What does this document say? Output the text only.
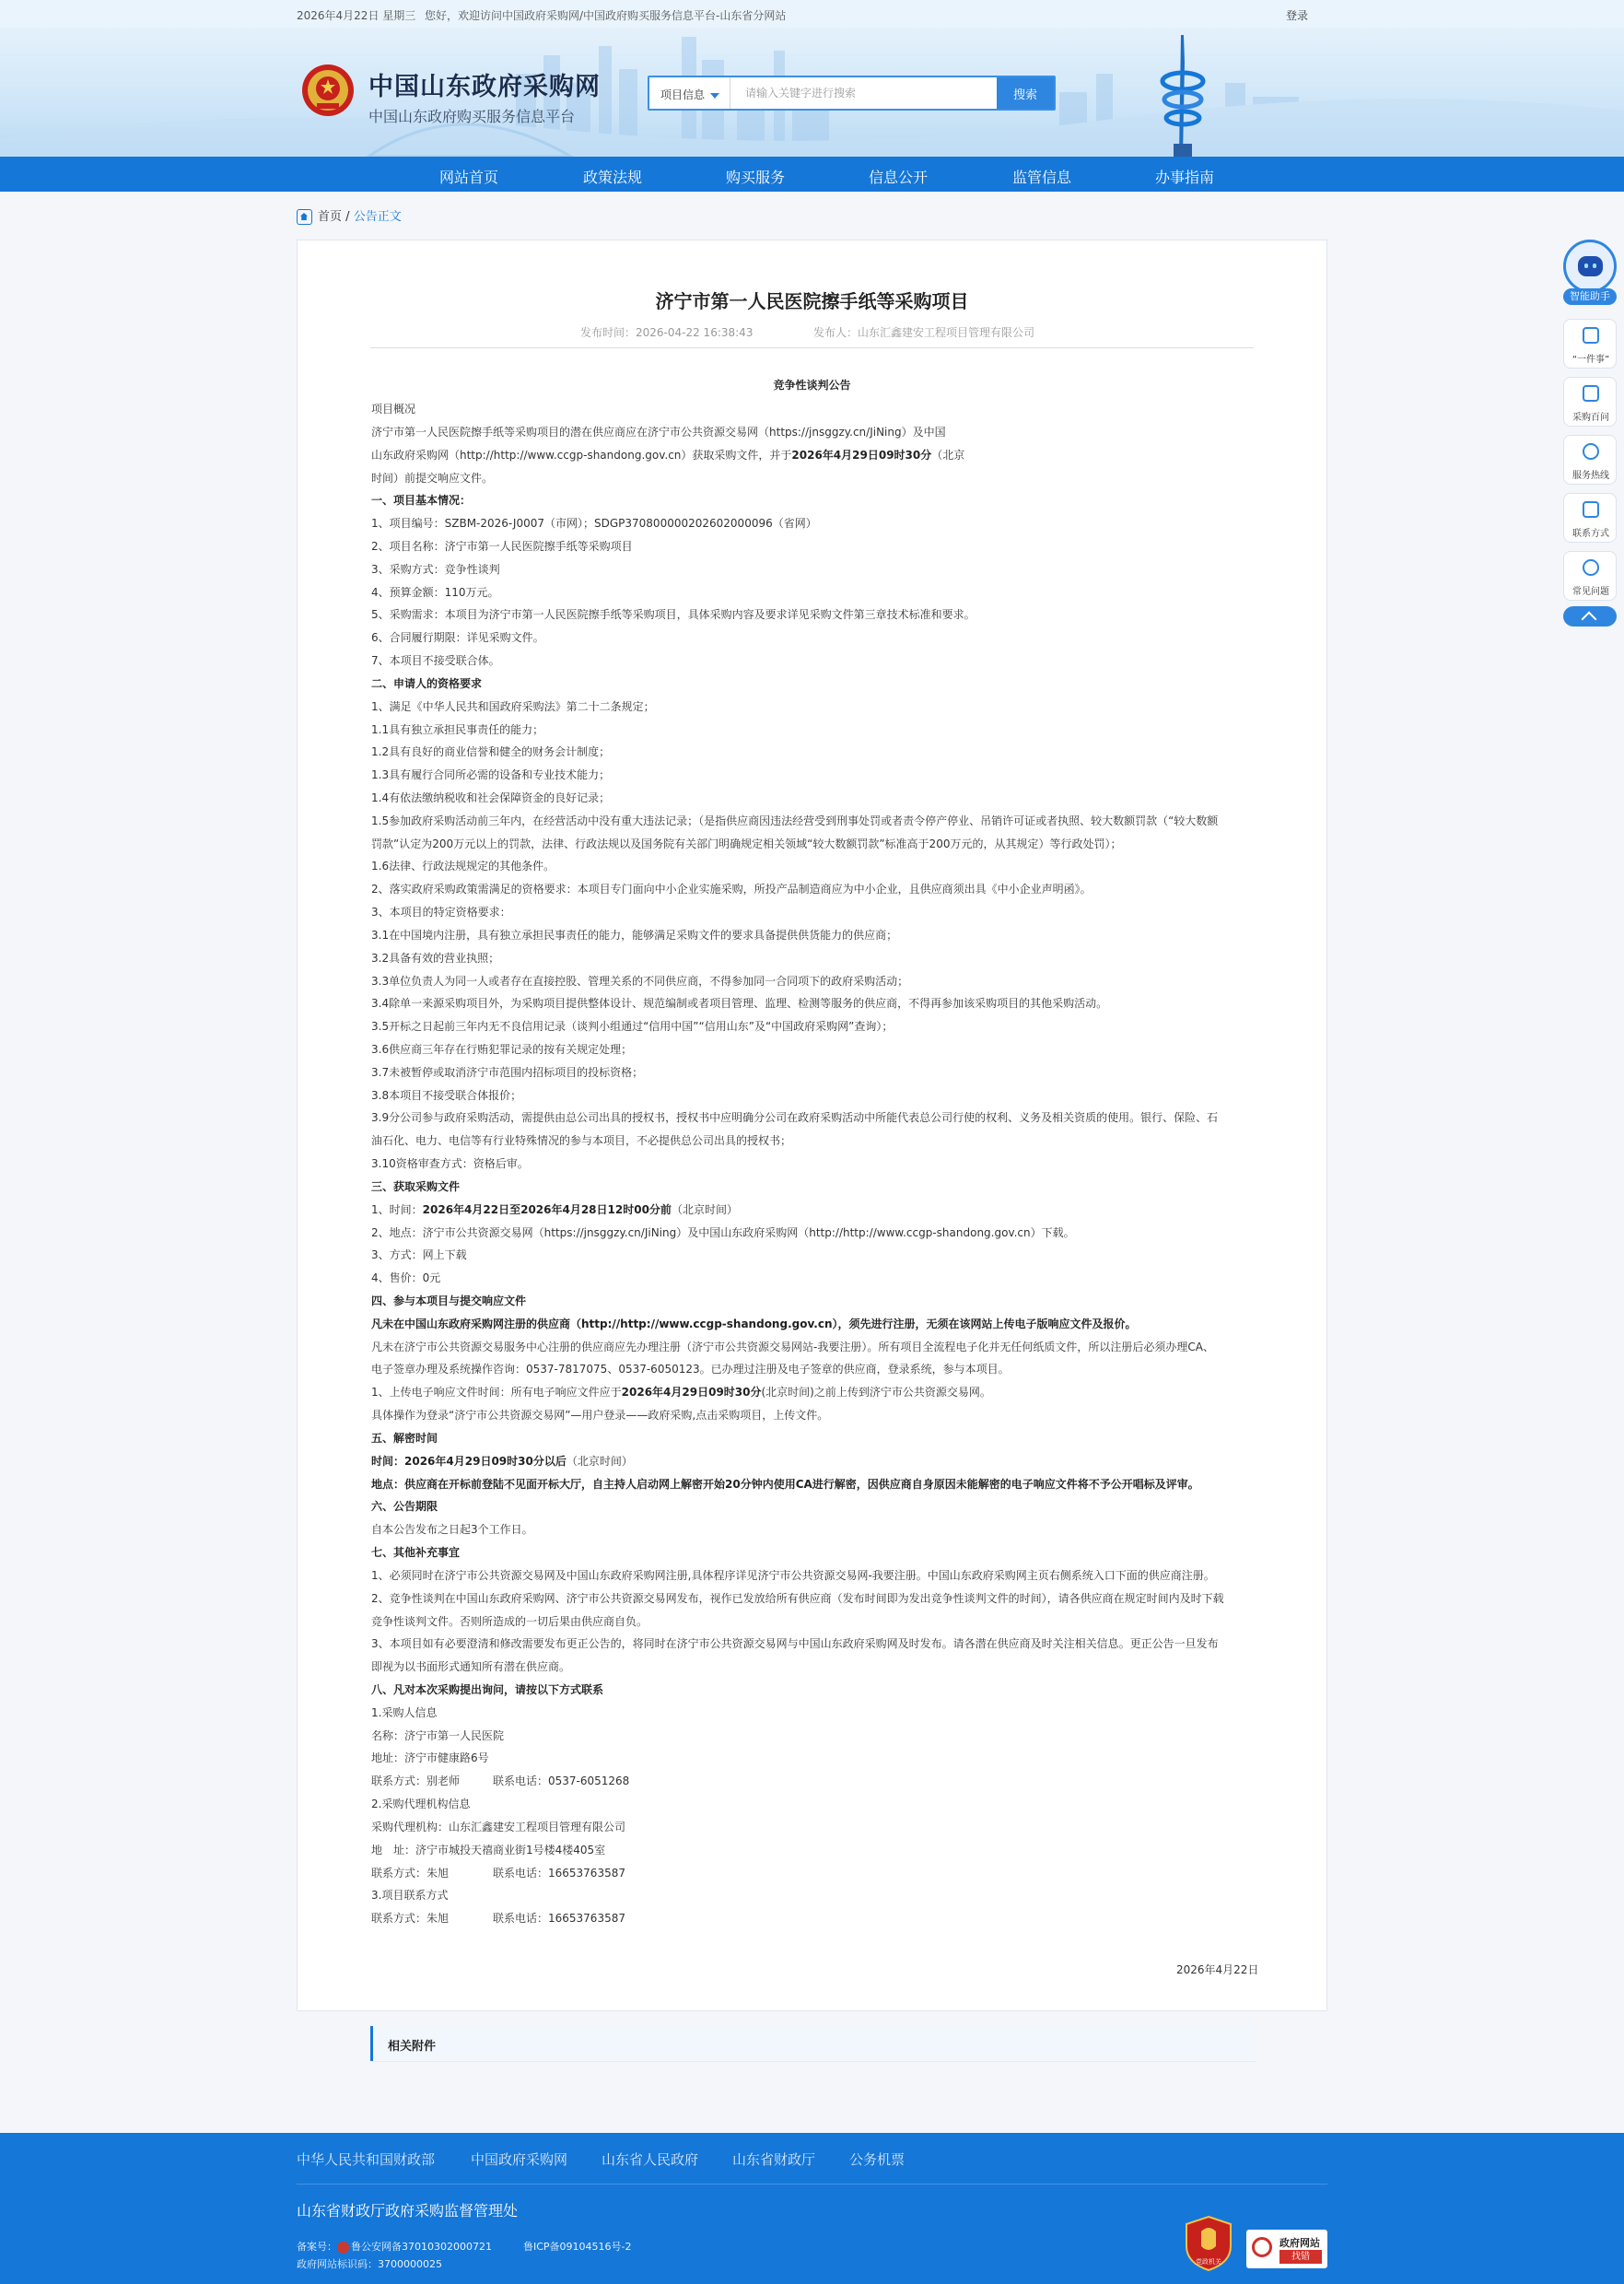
2026年4月22日 星期三 您好，欢迎访问中国政府采购网/中国政府购买服务信息平台-山东省分网站	登录
中国山东政府采购网
中国山东政府购买服务信息平台
项目信息
请输入关键字进行搜索	搜索
网站首页	政策法规	购买服务	信息公开	监管信息	办事指南
首页 / 公告正文
济宁市第一人民医院擦手纸等采购项目
发布时间：2026-04-22 16:38:43	发布人：山东汇鑫建安工程项目管理有限公司
竞争性谈判公告
项目概况
济宁市第一人民医院擦手纸等采购项目的潜在供应商应在济宁市公共资源交易网（https://jnsggzy.cn/JiNing）及中国
山东政府采购网（http://http://www.ccgp-shandong.gov.cn）获取采购文件，并于2026年4月29日09时30分（北京
时间）前提交响应文件。
一、项目基本情况：
1、项目编号：SZBM-2026-J0007（市网）；SDGP370800000202602000096（省网）
2、项目名称：济宁市第一人民医院擦手纸等采购项目
3、采购方式：竞争性谈判
4、预算金额：110万元。
5、采购需求：本项目为济宁市第一人民医院擦手纸等采购项目，具体采购内容及要求详见采购文件第三章技术标准和要求。
6、合同履行期限：详见采购文件。
7、本项目不接受联合体。
二、申请人的资格要求
1、满足《中华人民共和国政府采购法》第二十二条规定；
1.1具有独立承担民事责任的能力；
1.2具有良好的商业信誉和健全的财务会计制度；
1.3具有履行合同所必需的设备和专业技术能力；
1.4有依法缴纳税收和社会保障资金的良好记录；
1.5参加政府采购活动前三年内，在经营活动中没有重大违法记录；（是指供应商因违法经营受到刑事处罚或者责令停产停业、吊销许可证或者执照、较大数额罚款（“较大数额
罚款”认定为200万元以上的罚款，法律、行政法规以及国务院有关部门明确规定相关领域“较大数额罚款”标准高于200万元的，从其规定）等行政处罚）；
1.6法律、行政法规规定的其他条件。
2、落实政府采购政策需满足的资格要求：本项目专门面向中小企业实施采购，所投产品制造商应为中小企业，且供应商须出具《中小企业声明函》。
3、本项目的特定资格要求：
3.1在中国境内注册，具有独立承担民事责任的能力，能够满足采购文件的要求具备提供供货能力的供应商；
3.2具备有效的营业执照；
3.3单位负责人为同一人或者存在直接控股、管理关系的不同供应商，不得参加同一合同项下的政府采购活动；
3.4除单一来源采购项目外，为采购项目提供整体设计、规范编制或者项目管理、监理、检测等服务的供应商，不得再参加该采购项目的其他采购活动。
3.5开标之日起前三年内无不良信用记录（谈判小组通过“信用中国”“信用山东”及“中国政府采购网”查询）；
3.6供应商三年存在行贿犯罪记录的按有关规定处理；
3.7未被暂停或取消济宁市范围内招标项目的投标资格；
3.8本项目不接受联合体报价；
3.9分公司参与政府采购活动，需提供由总公司出具的授权书，授权书中应明确分公司在政府采购活动中所能代表总公司行使的权利、义务及相关资质的使用。银行、保险、石
油石化、电力、电信等有行业特殊情况的参与本项目，不必提供总公司出具的授权书；
3.10资格审查方式：资格后审。
三、获取采购文件
1、时间：2026年4月22日至2026年4月28日12时00分前（北京时间）
2、地点：济宁市公共资源交易网（https://jnsggzy.cn/JiNing）及中国山东政府采购网（http://http://www.ccgp-shandong.gov.cn）下载。
3、方式：网上下载
4、售价：0元
四、参与本项目与提交响应文件
凡未在中国山东政府采购网注册的供应商（http://http://www.ccgp-shandong.gov.cn），须先进行注册，无须在该网站上传电子版响应文件及报价。
凡未在济宁市公共资源交易服务中心注册的供应商应先办理注册（济宁市公共资源交易网站-我要注册）。所有项目全流程电子化并无任何纸质文件，所以注册后必须办理CA、
电子签章办理及系统操作咨询：0537-7817075、0537-6050123。已办理过注册及电子签章的供应商，登录系统，参与本项目。
1、上传电子响应文件时间：所有电子响应文件应于2026年4月29日09时30分(北京时间)之前上传到济宁市公共资源交易网。
具体操作为登录“济宁市公共资源交易网”—用户登录——政府采购,点击采购项目，上传文件。
五、解密时间
时间：2026年4月29日09时30分以后（北京时间）
地点：供应商在开标前登陆不见面开标大厅，自主持人启动网上解密开始20分钟内使用CA进行解密，因供应商自身原因未能解密的电子响应文件将不予公开唱标及评审。
六、公告期限
自本公告发布之日起3个工作日。
七、其他补充事宜
1、必须同时在济宁市公共资源交易网及中国山东政府采购网注册,具体程序详见济宁市公共资源交易网-我要注册。中国山东政府采购网主页右侧系统入口下面的供应商注册。
2、竞争性谈判在中国山东政府采购网、济宁市公共资源交易网发布，视作已发放给所有供应商（发布时间即为发出竞争性谈判文件的时间），请各供应商在规定时间内及时下载
竞争性谈判文件。否则所造成的一切后果由供应商自负。
3、本项目如有必要澄清和修改需要发布更正公告的，将同时在济宁市公共资源交易网与中国山东政府采购网及时发布。请各潜在供应商及时关注相关信息。更正公告一旦发布
即视为以书面形式通知所有潜在供应商。
八、凡对本次采购提出询问，请按以下方式联系
1.采购人信息
名称：济宁市第一人民医院
地址：济宁市健康路6号
联系方式：别老师　　　联系电话：0537-6051268
2.采购代理机构信息
采购代理机构：山东汇鑫建安工程项目管理有限公司
地　址：济宁市城投天禧商业街1号楼4楼405室
联系方式：朱旭　　　　联系电话：16653763587
3.项目联系方式
联系方式：朱旭　　　　联系电话：16653763587
2026年4月22日
相关附件
智能助手
“一件事”
采购百问
服务热线
联系方式
常见问题
中华人民共和国财政部	中国政府采购网 山东省人民政府 山东省财政厅 公务机票
山东省财政厅政府采购监督管理处
备案号： 鲁公安网备37010302000721	鲁ICP备09104516号-2
政府网站标识码：3700000025	党政机关
政府网站
找错
